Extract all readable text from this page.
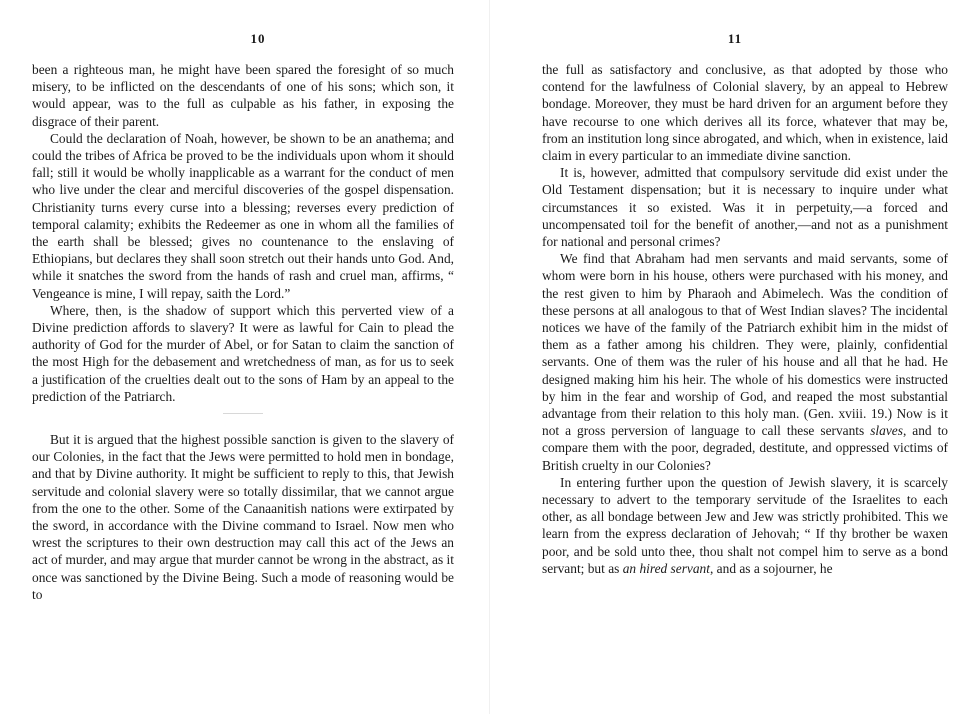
10

been a righteous man, he might have been spared the foresight of so much misery, to be inflicted on the descendants of one of his sons; which son, it would appear, was to the full as culpable as his father, in exposing the disgrace of their parent.

Could the declaration of Noah, however, be shown to be an anathema; and could the tribes of Africa be proved to be the individuals upon whom it should fall; still it would be wholly inapplicable as a warrant for the conduct of men who live under the clear and merciful discoveries of the gospel dispensation. Christianity turns every curse into a blessing; reverses every prediction of temporal calamity; exhibits the Redeemer as one in whom all the families of the earth shall be blessed; gives no countenance to the enslaving of Ethiopians, but declares they shall soon stretch out their hands unto God. And, while it snatches the sword from the hands of rash and cruel man, affirms, “ Vengeance is mine, I will repay, saith the Lord.”

Where, then, is the shadow of support which this perverted view of a Divine prediction affords to slavery? It were as lawful for Cain to plead the authority of God for the murder of Abel, or for Satan to claim the sanction of the most High for the debasement and wretchedness of man, as for us to seek a justification of the cruelties dealt out to the sons of Ham by an appeal to the prediction of the Patriarch.

But it is argued that the highest possible sanction is given to the slavery of our Colonies, in the fact that the Jews were permitted to hold men in bondage, and that by Divine authority. It might be sufficient to reply to this, that Jewish servitude and colonial slavery were so totally dissimilar, that we cannot argue from the one to the other. Some of the Canaanitish nations were extirpated by the sword, in accordance with the Divine command to Israel. Now men who wrest the scriptures to their own destruction may call this act of the Jews an act of murder, and may argue that murder cannot be wrong in the abstract, as it once was sanctioned by the Divine Being. Such a mode of reasoning would be to

11

the full as satisfactory and conclusive, as that adopted by those who contend for the lawfulness of Colonial slavery, by an appeal to Hebrew bondage. Moreover, they must be hard driven for an argument before they have recourse to one which derives all its force, whatever that may be, from an institution long since abrogated, and which, when in existence, laid claim in every particular to an immediate divine sanction.

It is, however, admitted that compulsory servitude did exist under the Old Testament dispensation; but it is necessary to inquire under what circumstances it so existed. Was it in perpetuity,—a forced and uncompensated toil for the benefit of another,—and not as a punishment for national and personal crimes?

We find that Abraham had men servants and maid servants, some of whom were born in his house, others were purchased with his money, and the rest given to him by Pharaoh and Abimelech. Was the condition of these persons at all analogous to that of West Indian slaves? The incidental notices we have of the family of the Patriarch exhibit him in the midst of them as a father among his children. They were, plainly, confidential servants. One of them was the ruler of his house and all that he had. He designed making him his heir. The whole of his domestics were instructed by him in the fear and worship of God, and reaped the most substantial advantage from their relation to this holy man. (Gen. xviii. 19.) Now is it not a gross perversion of language to call these servants slaves, and to compare them with the poor, degraded, destitute, and oppressed victims of British cruelty in our Colonies?

In entering further upon the question of Jewish slavery, it is scarcely necessary to advert to the temporary servitude of the Israelites to each other, as all bondage between Jew and Jew was strictly prohibited. This we learn from the express declaration of Jehovah; “ If thy brother be waxen poor, and be sold unto thee, thou shalt not compel him to serve as a bond servant; but as an hired servant, and as a sojourner, he
